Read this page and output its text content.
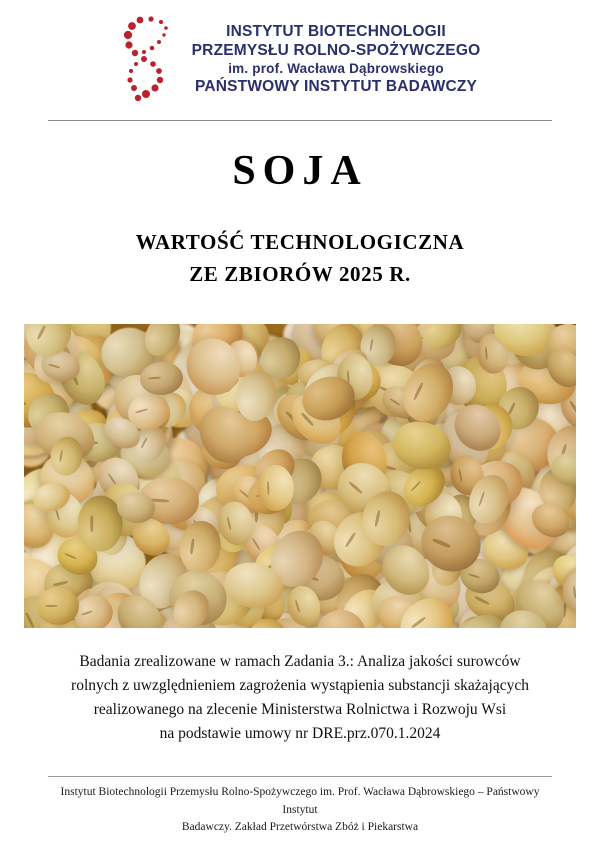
INSTYTUT BIOTECHNOLOGII
PRZEMYSŁU ROLNO-SPOŻYWCZEGO
im. prof. Wacława Dąbrowskiego
PAŃSTWOWY INSTYTUT BADAWCZY
SOJA
WARTOŚĆ TECHNOLOGICZNA
ZE ZBIORÓW 2025 R.
Badania zrealizowane w ramach Zadania 3.: Analiza jakości surowców
rolnych z uwzględnieniem zagrożenia wystąpienia substancji skażających
realizowanego na zlecenie Ministerstwa Rolnictwa i Rozwoju Wsi
na podstawie umowy nr DRE.prz.070.1.2024
Instytut Biotechnologii Przemysłu Rolno-Spożywczego im. Prof. Wacława Dąbrowskiego – Państwowy Instytut
Badawczy. Zakład Przetwórstwa Zbóż i Piekarstwa
